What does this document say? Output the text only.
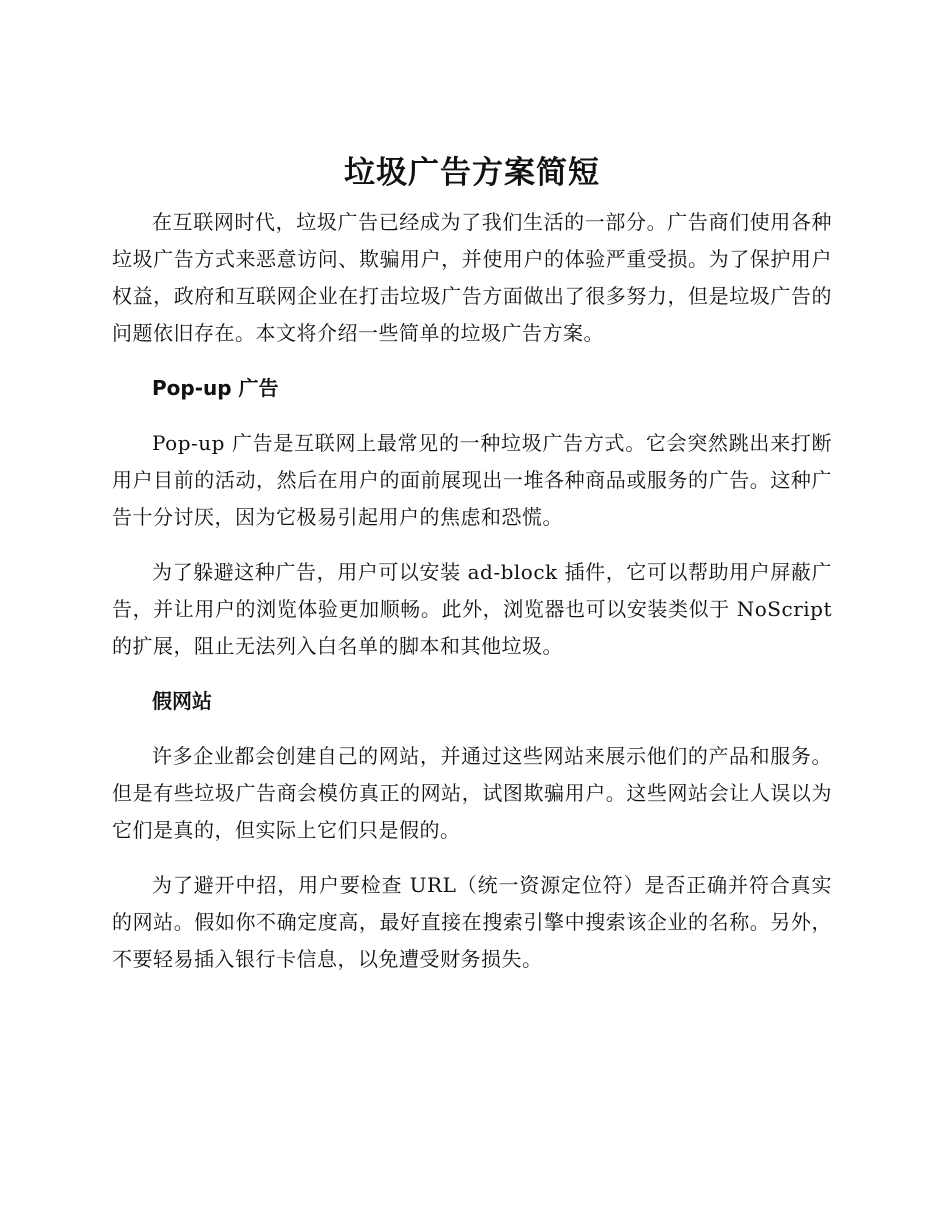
垃圾广告方案简短

在互联网时代，垃圾广告已经成为了我们生活的一部分。广告商们使用各种垃圾广告方式来恶意访问、欺骗用户，并使用户的体验严重受损。为了保护用户权益，政府和互联网企业在打击垃圾广告方面做出了很多努力，但是垃圾广告的问题依旧存在。本文将介绍一些简单的垃圾广告方案。

Pop-up 广告

Pop-up 广告是互联网上最常见的一种垃圾广告方式。它会突然跳出来打断用户目前的活动，然后在用户的面前展现出一堆各种商品或服务的广告。这种广告十分讨厌，因为它极易引起用户的焦虑和恐慌。

为了躲避这种广告，用户可以安装 ad-block 插件，它可以帮助用户屏蔽广告，并让用户的浏览体验更加顺畅。此外，浏览器也可以安装类似于 NoScript 的扩展，阻止无法列入白名单的脚本和其他垃圾。

假网站

许多企业都会创建自己的网站，并通过这些网站来展示他们的产品和服务。但是有些垃圾广告商会模仿真正的网站，试图欺骗用户。这些网站会让人误以为它们是真的，但实际上它们只是假的。

为了避开中招，用户要检查 URL（统一资源定位符）是否正确并符合真实的网站。假如你不确定度高，最好直接在搜索引擎中搜索该企业的名称。另外，不要轻易插入银行卡信息，以免遭受财务损失。
